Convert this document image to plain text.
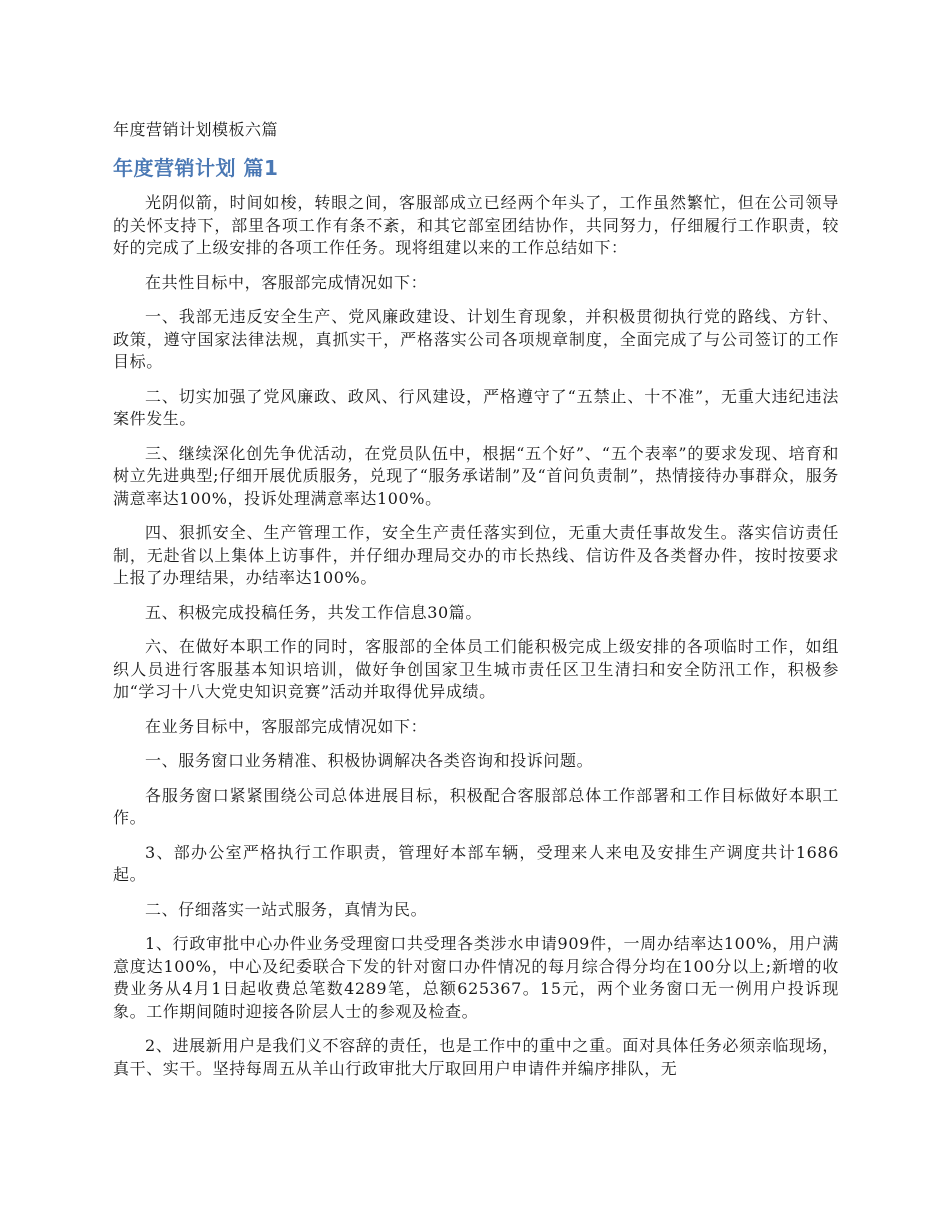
年度营销计划模板六篇
年度营销计划 篇1

光阴似箭，时间如梭，转眼之间，客服部成立已经两个年头了，工作虽然繁忙，但在公司领导的关怀支持下，部里各项工作有条不紊，和其它部室团结协作，共同努力，仔细履行工作职责，较好的完成了上级安排的各项工作任务。现将组建以来的工作总结如下：

在共性目标中，客服部完成情况如下：

一、我部无违反安全生产、党风廉政建设、计划生育现象，并积极贯彻执行党的路线、方针、政策，遵守国家法律法规，真抓实干，严格落实公司各项规章制度，全面完成了与公司签订的工作目标。

二、切实加强了党风廉政、政风、行风建设，严格遵守了“五禁止、十不准”，无重大违纪违法案件发生。

三、继续深化创先争优活动，在党员队伍中，根据“五个好”、“五个表率”的要求发现、培育和树立先进典型;仔细开展优质服务，兑现了“服务承诺制”及“首问负责制”，热情接待办事群众，服务满意率达100%，投诉处理满意率达100%。

四、狠抓安全、生产管理工作，安全生产责任落实到位，无重大责任事故发生。落实信访责任制，无赴省以上集体上访事件，并仔细办理局交办的市长热线、信访件及各类督办件，按时按要求上报了办理结果，办结率达100%。

五、积极完成投稿任务，共发工作信息30篇。

六、在做好本职工作的同时，客服部的全体员工们能积极完成上级安排的各项临时工作，如组织人员进行客服基本知识培训，做好争创国家卫生城市责任区卫生清扫和安全防汛工作，积极参加“学习十八大党史知识竞赛”活动并取得优异成绩。

在业务目标中，客服部完成情况如下：

一、服务窗口业务精准、积极协调解决各类咨询和投诉问题。

各服务窗口紧紧围绕公司总体进展目标，积极配合客服部总体工作部署和工作目标做好本职工作。

3、部办公室严格执行工作职责，管理好本部车辆，受理来人来电及安排生产调度共计1686起。

二、仔细落实一站式服务，真情为民。

1、行政审批中心办件业务受理窗口共受理各类涉水申请909件，一周办结率达100%，用户满意度达100%，中心及纪委联合下发的针对窗口办件情况的每月综合得分均在100分以上;新增的收费业务从4月1日起收费总笔数4289笔，总额625367。15元，两个业务窗口无一例用户投诉现象。工作期间随时迎接各阶层人士的参观及检查。

2、进展新用户是我们义不容辞的责任，也是工作中的重中之重。面对具体任务必须亲临现场，真干、实干。坚持每周五从羊山行政审批大厅取回用户申请件并编序排队，无
